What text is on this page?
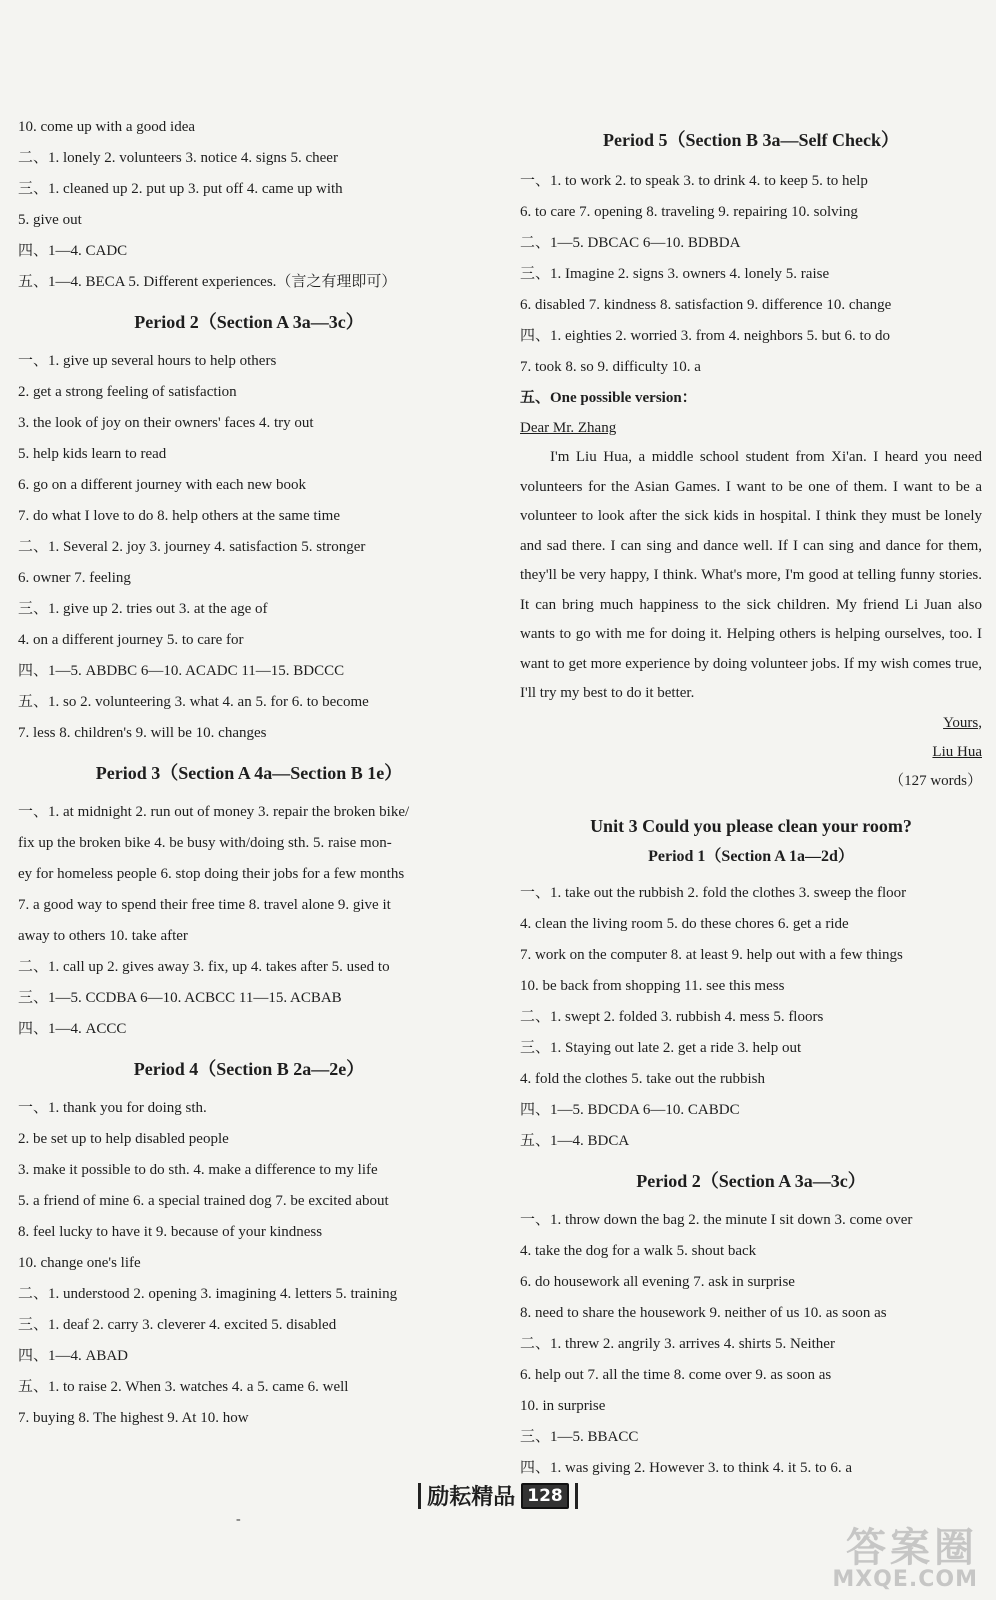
10. come up with a good idea
二、1. lonely 2. volunteers 3. notice 4. signs 5. cheer
三、1. cleaned up 2. put up 3. put off 4. came up with
5. give out
四、1—4. CADC
五、1—4. BECA 5. Different experiences.（言之有理即可）
Period 2（Section A 3a—3c）
一、1. give up several hours to help others
2. get a strong feeling of satisfaction
3. the look of joy on their owners' faces 4. try out
5. help kids learn to read
6. go on a different journey with each new book
7. do what I love to do 8. help others at the same time
二、1. Several 2. joy 3. journey 4. satisfaction 5. stronger
6. owner 7. feeling
三、1. give up 2. tries out 3. at the age of
4. on a different journey 5. to care for
四、1—5. ABDBC 6—10. ACADC 11—15. BDCCC
五、1. so 2. volunteering 3. what 4. an 5. for 6. to become
7. less 8. children's 9. will be 10. changes
Period 3（Section A 4a—Section B 1e）
一、1. at midnight 2. run out of money 3. repair the broken bike/
fix up the broken bike 4. be busy with/doing sth. 5. raise mon-
ey for homeless people 6. stop doing their jobs for a few months
7. a good way to spend their free time 8. travel alone 9. give it
away to others 10. take after
二、1. call up 2. gives away 3. fix, up 4. takes after 5. used to
三、1—5. CCDBA 6—10. ACBCC 11—15. ACBAB
四、1—4. ACCC
Period 4（Section B 2a—2e）
一、1. thank you for doing sth.
2. be set up to help disabled people
3. make it possible to do sth. 4. make a difference to my life
5. a friend of mine 6. a special trained dog 7. be excited about
8. feel lucky to have it 9. because of your kindness
10. change one's life
二、1. understood 2. opening 3. imagining 4. letters 5. training
三、1. deaf 2. carry 3. cleverer 4. excited 5. disabled
四、1—4. ABAD
五、1. to raise 2. When 3. watches 4. a 5. came 6. well
7. buying 8. The highest 9. At 10. how
Period 5（Section B 3a—Self Check）
一、1. to work 2. to speak 3. to drink 4. to keep 5. to help
6. to care 7. opening 8. traveling 9. repairing 10. solving
二、1—5. DBCAC 6—10. BDBDA
三、1. Imagine 2. signs 3. owners 4. lonely 5. raise
6. disabled 7. kindness 8. satisfaction 9. difference 10. change
四、1. eighties 2. worried 3. from 4. neighbors 5. but 6. to do
7. took 8. so 9. difficulty 10. a
五、One possible version：
Dear Mr. Zhang

I'm Liu Hua, a middle school student from Xi'an. I heard you need volunteers for the Asian Games. I want to be one of them. I want to be a volunteer to look after the sick kids in hospital. I think they must be lonely and sad there. I can sing and dance well. If I can sing and dance for them, they'll be very happy, I think. What's more, I'm good at telling funny stories. It can bring much happiness to the sick children. My friend Li Juan also wants to go with me for doing it. Helping others is helping ourselves, too. I want to get more experience by doing volunteer jobs. If my wish comes true, I'll try my best to do it better.

Yours,
Liu Hua
（127 words）
Unit 3 Could you please clean your room?
Period 1（Section A 1a—2d）
一、1. take out the rubbish 2. fold the clothes 3. sweep the floor
4. clean the living room 5. do these chores 6. get a ride
7. work on the computer 8. at least 9. help out with a few things
10. be back from shopping 11. see this mess
二、1. swept 2. folded 3. rubbish 4. mess 5. floors
三、1. Staying out late 2. get a ride 3. help out
4. fold the clothes 5. take out the rubbish
四、1—5. BDCDA 6—10. CABDC
五、1—4. BDCA
Period 2（Section A 3a—3c）
一、1. throw down the bag 2. the minute I sit down 3. come over
4. take the dog for a walk 5. shout back
6. do housework all evening 7. ask in surprise
8. need to share the housework 9. neither of us 10. as soon as
二、1. threw 2. angrily 3. arrives 4. shirts 5. Neither
6. help out 7. all the time 8. come over 9. as soon as
10. in surprise
三、1—5. BBACC
四、1. was giving 2. However 3. to think 4. it 5. to 6. a
励耘精品 128
-
答案圈
MXQE.COM
